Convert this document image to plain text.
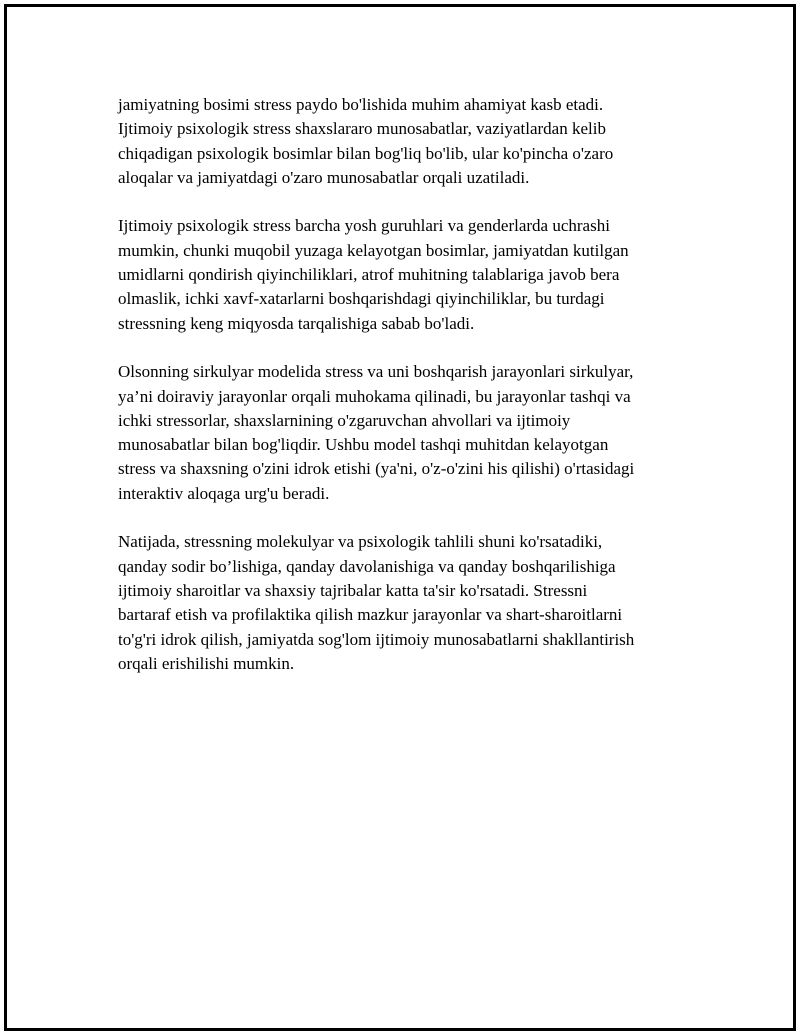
jamiyatning bosimi stress paydo bo'lishida muhim ahamiyat kasb etadi.
Ijtimoiy psixologik stress shaxslararo munosabatlar, vaziyatlardan kelib
chiqadigan psixologik bosimlar bilan bog'liq bo'lib, ular ko'pincha o'zaro
aloqalar va jamiyatdagi o'zaro munosabatlar orqali uzatiladi.

Ijtimoiy psixologik stress barcha yosh guruhlari va genderlarda uchrashi
mumkin, chunki muqobil yuzaga kelayotgan bosimlar, jamiyatdan kutilgan
umidlarni qondirish qiyinchiliklari, atrof muhitning talablariga javob bera
olmaslik, ichki xavf-xatarlarni boshqarishdagi qiyinchiliklar, bu turdagi
stressning keng miqyosda tarqalishiga sabab bo'ladi.

Olsonning sirkulyar modelida stress va uni boshqarish jarayonlari sirkulyar,
ya’ni doiraviy jarayonlar orqali muhokama qilinadi, bu jarayonlar tashqi va
ichki stressorlar, shaxslarnining o'zgaruvchan ahvollari va ijtimoiy
munosabatlar bilan bog'liqdir. Ushbu model tashqi muhitdan kelayotgan
stress va shaxsning o'zini idrok etishi (ya'ni, o'z-o'zini his qilishi) o'rtasidagi
interaktiv aloqaga urg'u beradi.

Natijada, stressning molekulyar va psixologik tahlili shuni ko'rsatadiki,
qanday sodir bo’lishiga, qanday davolanishiga va qanday boshqarilishiga
ijtimoiy sharoitlar va shaxsiy tajribalar katta ta'sir ko'rsatadi. Stressni
bartaraf etish va profilaktika qilish mazkur jarayonlar va shart-sharoitlarni
to'g'ri idrok qilish, jamiyatda sog'lom ijtimoiy munosabatlarni shakllantirish
orqali erishilishi mumkin.
